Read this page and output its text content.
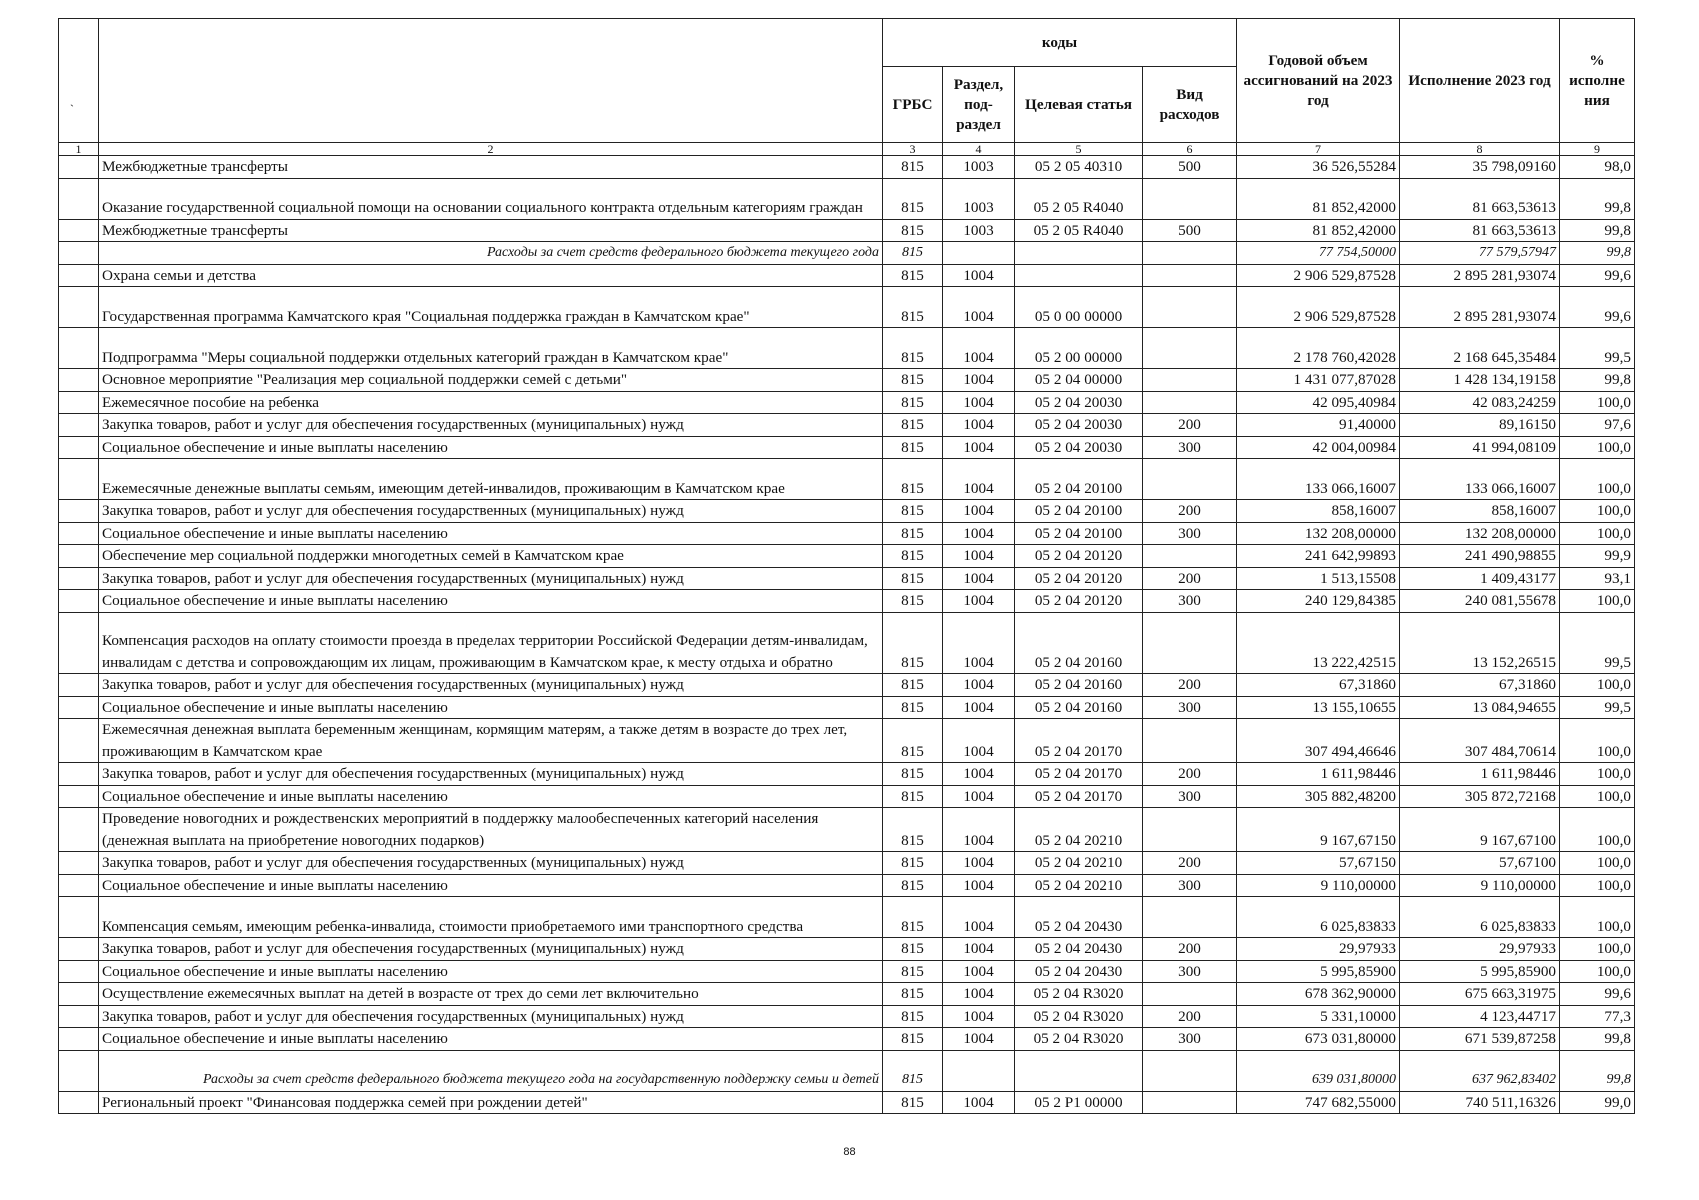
`
		коды				Годовой объем ассигнований на 2023 год	Исполнение 2023 год	% исполне ния
		ГРБС	Раздел, под-раздел	Целевая статья	Вид расходов			
1	2	3	4	5	6	7	8	9
	Межбюджетные трансферты	815	1003	05 2 05 40310	500	36 526,55284	35 798,09160	98,0
	Оказание государственной социальной помощи на основании социального контракта отдельным категориям граждан	815	1003	05 2 05 R4040		81 852,42000	81 663,53613	99,8
	Межбюджетные трансферты	815	1003	05 2 05 R4040	500	81 852,42000	81 663,53613	99,8
	Расходы за счет средств федерального бюджета текущего года	815				77 754,50000	77 579,57947	99,8
	Охрана семьи и детства	815	1004			2 906 529,87528	2 895 281,93074	99,6
	Государственная программа Камчатского края "Социальная поддержка граждан в Камчатском крае"	815	1004	05 0 00 00000		2 906 529,87528	2 895 281,93074	99,6
	Подпрограмма "Меры социальной поддержки отдельных категорий граждан в Камчатском крае"	815	1004	05 2 00 00000		2 178 760,42028	2 168 645,35484	99,5
	Основное мероприятие "Реализация мер социальной поддержки семей с детьми"	815	1004	05 2 04 00000		1 431 077,87028	1 428 134,19158	99,8
	Ежемесячное пособие на ребенка	815	1004	05 2 04 20030		42 095,40984	42 083,24259	100,0
	Закупка товаров, работ и услуг для обеспечения государственных (муниципальных) нужд	815	1004	05 2 04 20030	200	91,40000	89,16150	97,6
	Социальное обеспечение и иные выплаты населению	815	1004	05 2 04 20030	300	42 004,00984	41 994,08109	100,0
	Ежемесячные денежные выплаты семьям, имеющим детей-инвалидов, проживающим в Камчатском крае	815	1004	05 2 04 20100		133 066,16007	133 066,16007	100,0
	Закупка товаров, работ и услуг для обеспечения государственных (муниципальных) нужд	815	1004	05 2 04 20100	200	858,16007	858,16007	100,0
	Социальное обеспечение и иные выплаты населению	815	1004	05 2 04 20100	300	132 208,00000	132 208,00000	100,0
	Обеспечение мер социальной поддержки многодетных семей в Камчатском крае	815	1004	05 2 04 20120		241 642,99893	241 490,98855	99,9
	Закупка товаров, работ и услуг для обеспечения государственных (муниципальных) нужд	815	1004	05 2 04 20120	200	1 513,15508	1 409,43177	93,1
	Социальное обеспечение и иные выплаты населению	815	1004	05 2 04 20120	300	240 129,84385	240 081,55678	100,0
	Компенсация расходов на оплату стоимости проезда в пределах территории Российской Федерации детям-инвалидам, инвалидам с детства и сопровождающим их лицам, проживающим в Камчатском крае, к месту отдыха и обратно	815	1004	05 2 04 20160		13 222,42515	13 152,26515	99,5
	Закупка товаров, работ и услуг для обеспечения государственных (муниципальных) нужд	815	1004	05 2 04 20160	200	67,31860	67,31860	100,0
	Социальное обеспечение и иные выплаты населению	815	1004	05 2 04 20160	300	13 155,10655	13 084,94655	99,5
	Ежемесячная денежная выплата беременным женщинам, кормящим матерям, а также детям в возрасте до трех лет, проживающим в Камчатском крае	815	1004	05 2 04 20170		307 494,46646	307 484,70614	100,0
	Закупка товаров, работ и услуг для обеспечения государственных (муниципальных) нужд	815	1004	05 2 04 20170	200	1 611,98446	1 611,98446	100,0
	Социальное обеспечение и иные выплаты населению	815	1004	05 2 04 20170	300	305 882,48200	305 872,72168	100,0
	Проведение новогодних и рождественских мероприятий в поддержку малообеспеченных категорий населения (денежная выплата на приобретение новогодних подарков)	815	1004	05 2 04 20210		9 167,67150	9 167,67100	100,0
	Закупка товаров, работ и услуг для обеспечения государственных (муниципальных) нужд	815	1004	05 2 04 20210	200	57,67150	57,67100	100,0
	Социальное обеспечение и иные выплаты населению	815	1004	05 2 04 20210	300	9 110,00000	9 110,00000	100,0
	Компенсация семьям, имеющим ребенка-инвалида, стоимости приобретаемого ими транспортного средства	815	1004	05 2 04 20430		6 025,83833	6 025,83833	100,0
	Закупка товаров, работ и услуг для обеспечения государственных (муниципальных) нужд	815	1004	05 2 04 20430	200	29,97933	29,97933	100,0
	Социальное обеспечение и иные выплаты населению	815	1004	05 2 04 20430	300	5 995,85900	5 995,85900	100,0
	Осуществление ежемесячных выплат на детей в возрасте от трех до семи лет включительно	815	1004	05 2 04 R3020		678 362,90000	675 663,31975	99,6
	Закупка товаров, работ и услуг для обеспечения государственных (муниципальных) нужд	815	1004	05 2 04 R3020	200	5 331,10000	4 123,44717	77,3
	Социальное обеспечение и иные выплаты населению	815	1004	05 2 04 R3020	300	673 031,80000	671 539,87258	99,8
	Расходы за счет средств федерального бюджета текущего года на государственную поддержку семьи и детей	815				639 031,80000	637 962,83402	99,8
	Региональный проект "Финансовая поддержка семей при рождении детей"	815	1004	05 2 P1 00000		747 682,55000	740 511,16326	99,0
88
